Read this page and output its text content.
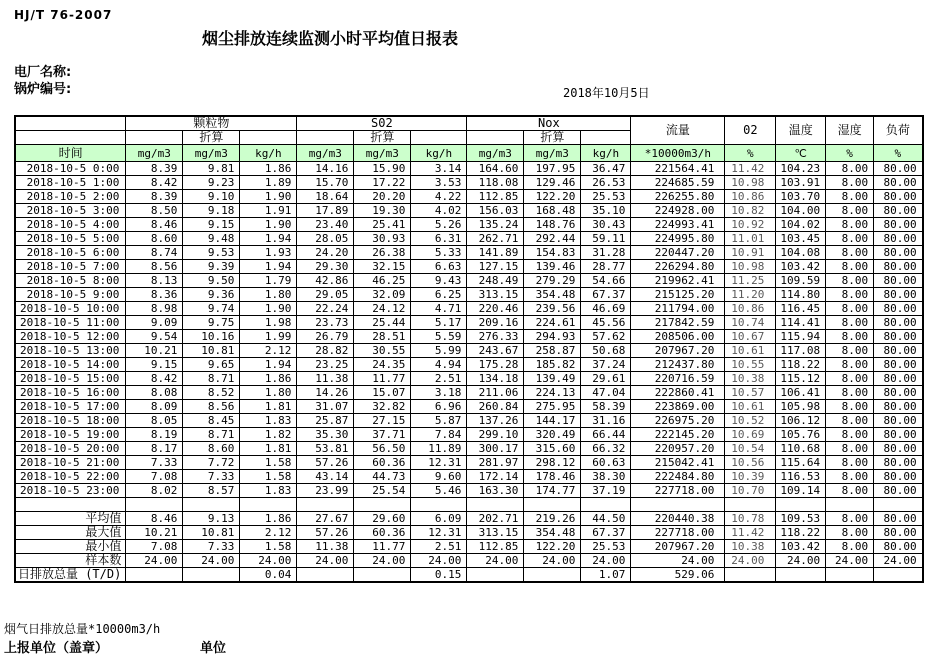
HJ/T 76-2007
烟尘排放连续监测小时平均值日报表
电厂名称:
锅炉编号:	2018年10月5日
	颗粒物			S02			Nox			流量	02	温度	湿度	负荷
		折算			折算			折算						
时间	mg/m3	mg/m3	kg/h	mg/m3	mg/m3	kg/h	mg/m3	mg/m3	kg/h	*10000m3/h	%	℃	%	%
2018-10-5 0:00	8.39	9.81	1.86	14.16	15.90	3.14	164.60	197.95	36.47	221564.41	11.42	104.23	8.00	80.00
2018-10-5 1:00	8.42	9.23	1.89	15.70	17.22	3.53	118.08	129.46	26.53	224685.59	10.98	103.91	8.00	80.00
2018-10-5 2:00	8.39	9.10	1.90	18.64	20.20	4.22	112.85	122.20	25.53	226255.80	10.86	103.70	8.00	80.00
2018-10-5 3:00	8.50	9.18	1.91	17.89	19.30	4.02	156.03	168.48	35.10	224928.00	10.82	104.00	8.00	80.00
2018-10-5 4:00	8.46	9.15	1.90	23.40	25.41	5.26	135.24	148.76	30.43	224993.41	10.92	104.02	8.00	80.00
2018-10-5 5:00	8.60	9.48	1.94	28.05	30.93	6.31	262.71	292.44	59.11	224995.80	11.01	103.45	8.00	80.00
2018-10-5 6:00	8.74	9.53	1.93	24.20	26.38	5.33	141.89	154.83	31.28	220447.20	10.91	104.08	8.00	80.00
2018-10-5 7:00	8.56	9.39	1.94	29.30	32.15	6.63	127.15	139.46	28.77	226294.80	10.98	103.42	8.00	80.00
2018-10-5 8:00	8.13	9.50	1.79	42.86	46.25	9.43	248.49	279.29	54.66	219962.41	11.25	109.59	8.00	80.00
2018-10-5 9:00	8.36	9.36	1.80	29.05	32.09	6.25	313.15	354.48	67.37	215125.20	11.20	114.80	8.00	80.00
2018-10-5 10:00	8.98	9.74	1.90	22.24	24.12	4.71	220.46	239.56	46.69	211794.00	10.86	116.45	8.00	80.00
2018-10-5 11:00	9.09	9.75	1.98	23.73	25.44	5.17	209.16	224.61	45.56	217842.59	10.74	114.41	8.00	80.00
2018-10-5 12:00	9.54	10.16	1.99	26.79	28.51	5.59	276.33	294.93	57.62	208506.00	10.67	115.94	8.00	80.00
2018-10-5 13:00	10.21	10.81	2.12	28.82	30.55	5.99	243.67	258.87	50.68	207967.20	10.61	117.08	8.00	80.00
2018-10-5 14:00	9.15	9.65	1.94	23.25	24.35	4.94	175.28	185.82	37.24	212437.80	10.55	118.22	8.00	80.00
2018-10-5 15:00	8.42	8.71	1.86	11.38	11.77	2.51	134.18	139.49	29.61	220716.59	10.38	115.12	8.00	80.00
2018-10-5 16:00	8.08	8.52	1.80	14.26	15.07	3.18	211.06	224.13	47.04	222860.41	10.57	106.41	8.00	80.00
2018-10-5 17:00	8.09	8.56	1.81	31.07	32.82	6.96	260.84	275.95	58.39	223869.00	10.61	105.98	8.00	80.00
2018-10-5 18:00	8.05	8.45	1.83	25.87	27.15	5.87	137.26	144.17	31.16	226975.20	10.52	106.12	8.00	80.00
2018-10-5 19:00	8.19	8.71	1.82	35.30	37.71	7.84	299.10	320.49	66.44	222145.20	10.69	105.76	8.00	80.00
2018-10-5 20:00	8.17	8.60	1.81	53.81	56.50	11.89	300.17	315.60	66.32	220957.20	10.54	110.68	8.00	80.00
2018-10-5 21:00	7.33	7.72	1.58	57.26	60.36	12.31	281.97	298.12	60.63	215042.41	10.56	115.64	8.00	80.00
2018-10-5 22:00	7.08	7.33	1.58	43.14	44.73	9.60	172.14	178.46	38.30	222484.80	10.39	116.53	8.00	80.00
2018-10-5 23:00	8.02	8.57	1.83	23.99	25.54	5.46	163.30	174.77	37.19	227718.00	10.70	109.14	8.00	80.00

平均值	8.46	9.13	1.86	27.67	29.60	6.09	202.71	219.26	44.50	220440.38	10.78	109.53	8.00	80.00

最大值	10.21	10.81	2.12	57.26	60.36	12.31	313.15	354.48	67.37	227718.00	11.42	118.22	8.00	80.00

最小值	7.08	7.33	1.58	11.38	11.77	2.51	112.85	122.20	25.53	207967.20	10.38	103.42	8.00	80.00

样本数	24.00	24.00	24.00	24.00	24.00	24.00	24.00	24.00	24.00	24.00	24.00	24.00	24.00	24.00

日排放总量 (T/D)			0.04			0.15			1.07	529.06				
烟气日排放总量*10000m3/h
上报单位（盖章）	单位
